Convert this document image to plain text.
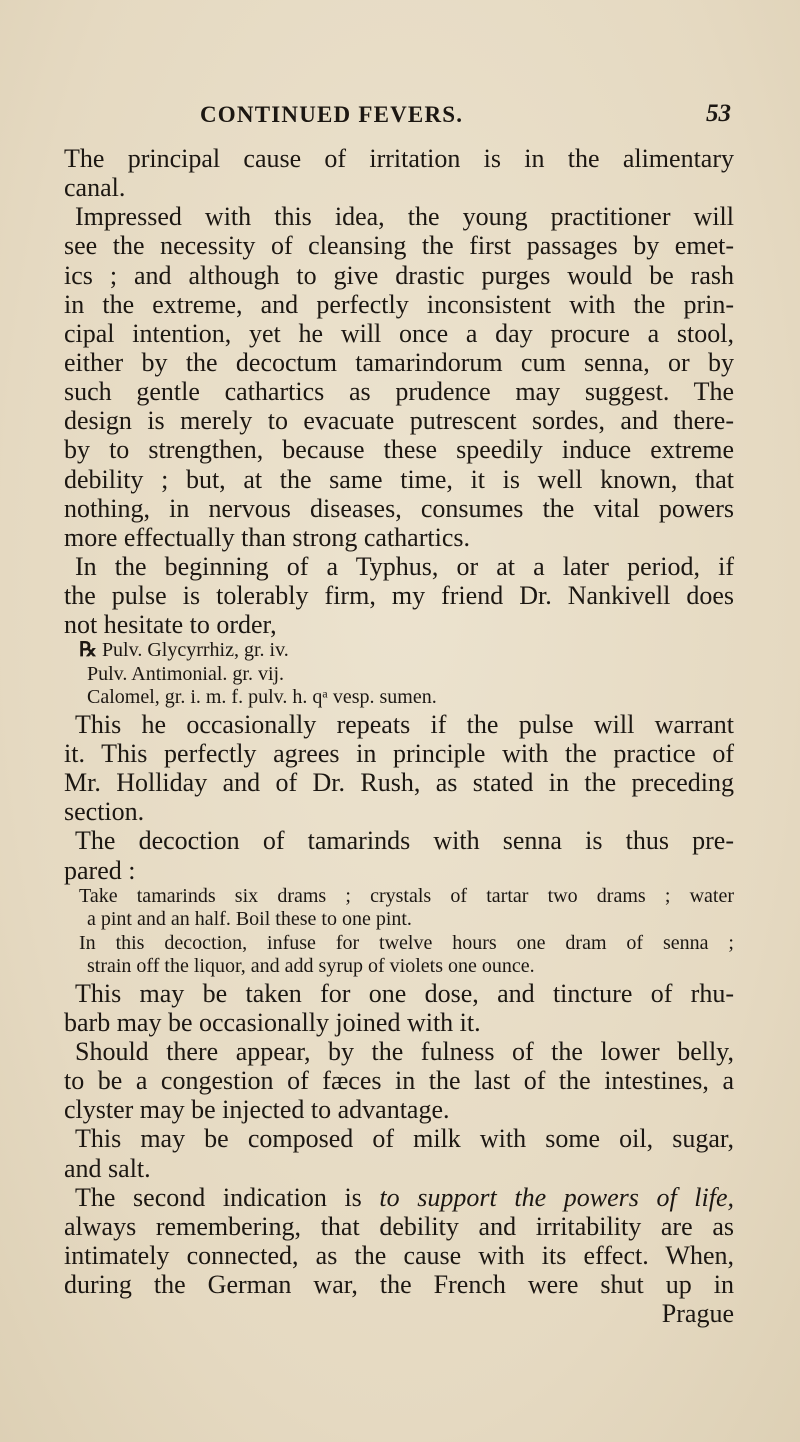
CONTINUED FEVERS.	53
The principal cause of irritation is in the alimentary
canal.
Impressed with this idea, the young practitioner will
see the necessity of cleansing the first passages by emet-
ics ; and although to give drastic purges would be rash
in the extreme, and perfectly inconsistent with the prin-
cipal intention, yet he will once a day procure a stool,
either by the decoctum tamarindorum cum senna, or by
such gentle cathartics as prudence may suggest. The
design is merely to evacuate putrescent sordes, and there-
by to strengthen, because these speedily induce extreme
debility ; but, at the same time, it is well known, that
nothing, in nervous diseases, consumes the vital powers
more effectually than strong cathartics.
In the beginning of a Typhus, or at a later period, if
the pulse is tolerably firm, my friend Dr. Nankivell does
not hesitate to order,
℞ Pulv. Glycyrrhiz, gr. iv.
Pulv. Antimonial. gr. vij.
Calomel, gr. i. m. f. pulv. h. qᵃ vesp. sumen.
This he occasionally repeats if the pulse will warrant
it. This perfectly agrees in principle with the practice of
Mr. Holliday and of Dr. Rush, as stated in the preceding
section.
The decoction of tamarinds with senna is thus pre-
pared :
Take tamarinds six drams ; crystals of tartar two drams ; water
a pint and an half. Boil these to one pint.
In this decoction, infuse for twelve hours one dram of senna ;
strain off the liquor, and add syrup of violets one ounce.
This may be taken for one dose, and tincture of rhu-
barb may be occasionally joined with it.
Should there appear, by the fulness of the lower belly,
to be a congestion of fæces in the last of the intestines, a
clyster may be injected to advantage.
This may be composed of milk with some oil, sugar,
and salt.
The second indication is to support the powers of life,
always remembering, that debility and irritability are as
intimately connected, as the cause with its effect. When,
during the German war, the French were shut up in
Prague
